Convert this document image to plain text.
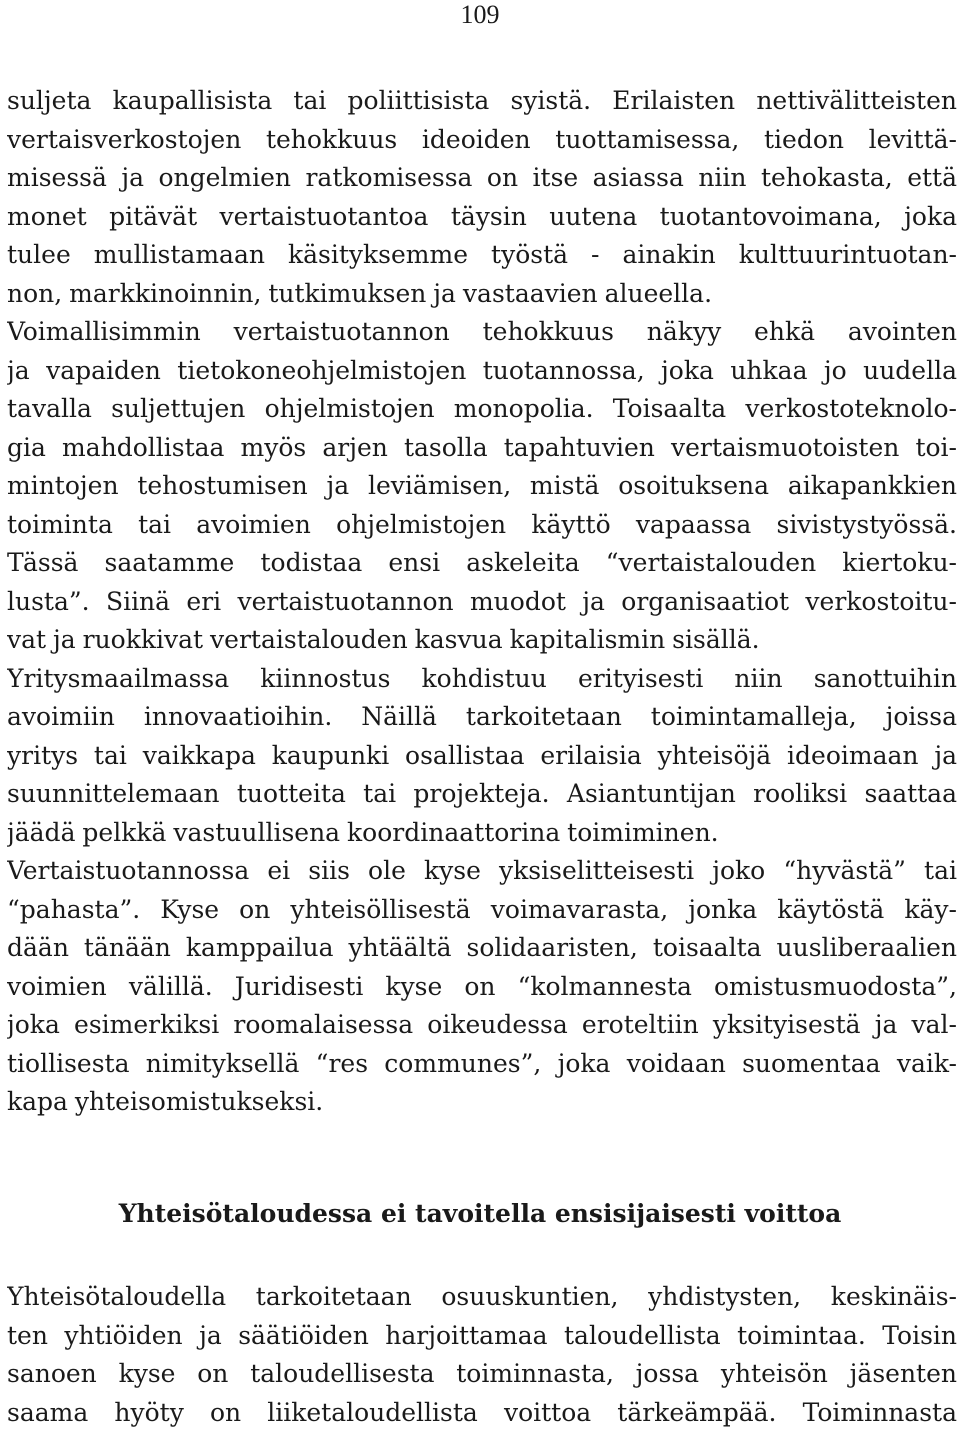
109
suljeta kaupallisista tai poliittisista syistä. Erilaisten nettivälitteisten
vertaisverkostojen tehokkuus ideoiden tuottamisessa, tiedon levittä-
misessä ja ongelmien ratkomisessa on itse asiassa niin tehokasta, että
monet pitävät vertaistuotantoa täysin uutena tuotantovoimana, joka
tulee mullistamaan käsityksemme työstä - ainakin kulttuurintuotan-
non, markkinoinnin, tutkimuksen ja vastaavien alueella.
Voimallisimmin vertaistuotannon tehokkuus näkyy ehkä avointen
ja vapaiden tietokoneohjelmistojen tuotannossa, joka uhkaa jo uudella
tavalla suljettujen ohjelmistojen monopolia. Toisaalta verkostoteknolo-
gia mahdollistaa myös arjen tasolla tapahtuvien vertaismuotoisten toi-
mintojen tehostumisen ja leviämisen, mistä osoituksena aikapankkien
toiminta tai avoimien ohjelmistojen käyttö vapaassa sivistystyössä.
Tässä saatamme todistaa ensi askeleita “vertaistalouden kiertoku-
lusta”. Siinä eri vertaistuotannon muodot ja organisaatiot verkostoitu-
vat ja ruokkivat vertaistalouden kasvua kapitalismin sisällä.
Yritysmaailmassa kiinnostus kohdistuu erityisesti niin sanottuihin
avoimiin innovaatioihin. Näillä tarkoitetaan toimintamalleja, joissa
yritys tai vaikkapa kaupunki osallistaa erilaisia yhteisöjä ideoimaan ja
suunnittelemaan tuotteita tai projekteja. Asiantuntijan rooliksi saattaa
jäädä pelkkä vastuullisena koordinaattorina toimiminen.
Vertaistuotannossa ei siis ole kyse yksiselitteisesti joko “hyvästä” tai
“pahasta”. Kyse on yhteisöllisestä voimavarasta, jonka käytöstä käy-
dään tänään kamppailua yhtäältä solidaaristen, toisaalta uusliberaalien
voimien välillä. Juridisesti kyse on “kolmannesta omistusmuodosta”,
joka esimerkiksi roomalaisessa oikeudessa eroteltiin yksityisestä ja val-
tiollisesta nimityksellä “res communes”, joka voidaan suomentaa vaik-
kapa yhteisomistukseksi.
Yhteisötaloudessa ei tavoitella ensisijaisesti voittoa
Yhteisötaloudella tarkoitetaan osuuskuntien, yhdistysten, keskinäis-
ten yhtiöiden ja säätiöiden harjoittamaa taloudellista toimintaa. Toisin
sanoen kyse on taloudellisesta toiminnasta, jossa yhteisön jäsenten
saama hyöty on liiketaloudellista voittoa tärkeämpää. Toiminnasta
